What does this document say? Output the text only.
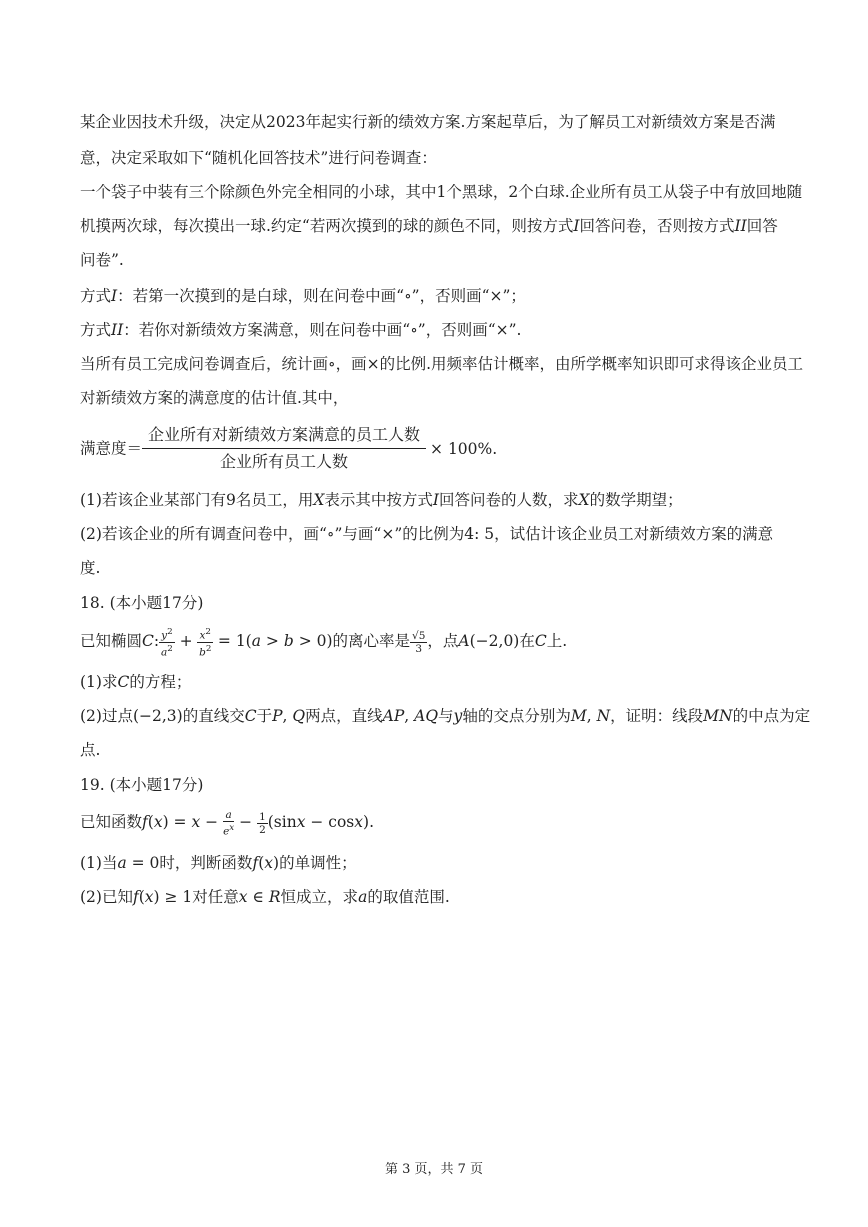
某企业因技术升级，决定从2023年起实行新的绩效方案.方案起草后，为了解员工对新绩效方案是否满
意，决定采取如下“随机化回答技术”进行问卷调查：
一个袋子中装有三个除颜色外完全相同的小球，其中1个黑球，2个白球.企业所有员工从袋子中有放回地随
机摸两次球，每次摸出一球.约定“若两次摸到的球的颜色不同，则按方式I回答问卷，否则按方式II回答
问卷”.
方式I：若第一次摸到的是白球，则在问卷中画“∘”，否则画“×”；
方式II：若你对新绩效方案满意，则在问卷中画“∘”，否则画“×”.
当所有员工完成问卷调查后，统计画∘，画×的比例.用频率估计概率，由所学概率知识即可求得该企业员工
对新绩效方案的满意度的估计值.其中，
满意度＝ $\frac{\text{企业所有对新绩效方案满意的员工人数}}{\text{企业所有员工人数}} \times 100\%$.
(1)若该企业某部门有9名员工，用X表示其中按方式I回答问卷的人数，求X的数学期望；
(2)若该企业的所有调查问卷中，画“∘”与画“×”的比例为4: 5，试估计该企业员工对新绩效方案的满意
度.
18. (本小题17分)
已知椭圆C: $\frac{y^2}{a^2} + \frac{x^2}{b^2} = 1(a > b > 0)$的离心率是 $\frac{√5}{3}$ ，点A(−2,0)在C上.
(1)求C的方程；
(2)过点(−2,3)的直线交C于P, Q两点，直线AP, AQ与y轴的交点分别为M, N，证明：线段MN的中点为定
点.
19. (本小题17分)
已知函数$f(x) = x - \frac{a}{e^x} - \frac{1}{2} (\sin x - \cos x)$.
(1)当a = 0时，判断函数f(x)的单调性；
(2)已知f(x) ≥ 1对任意x ∈ R恒成立，求a的取值范围.
第 3 页，共 7 页
